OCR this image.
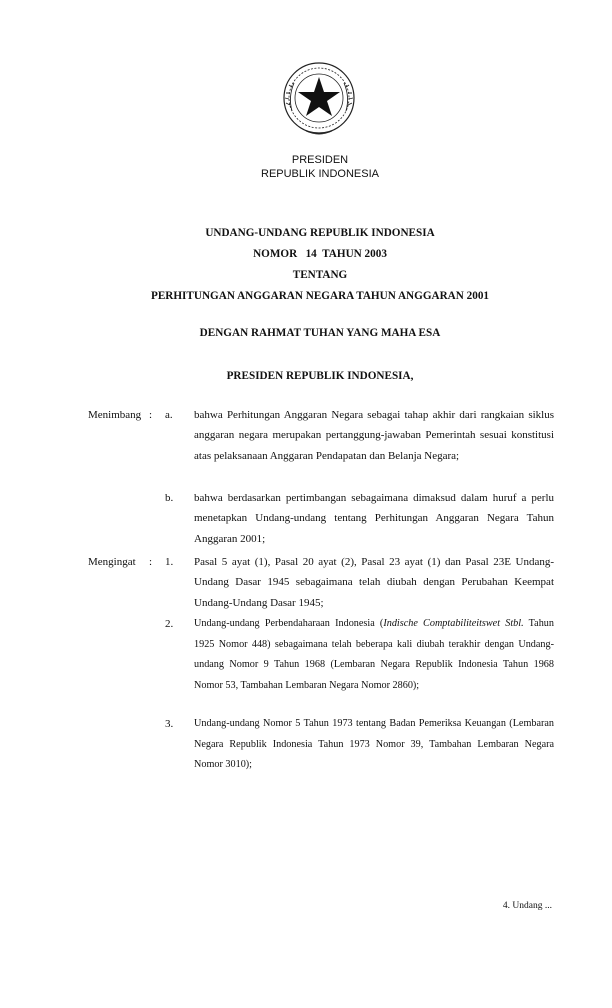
PRESIDEN
REPUBLIK INDONESIA
UNDANG-UNDANG REPUBLIK INDONESIA
NOMOR   14  TAHUN 2003
TENTANG
PERHITUNGAN ANGGARAN NEGARA TAHUN ANGGARAN 2001
DENGAN RAHMAT TUHAN YANG MAHA ESA
PRESIDEN REPUBLIK INDONESIA,
Menimbang : a. bahwa Perhitungan Anggaran Negara sebagai tahap akhir dari rangkaian siklus anggaran negara merupakan pertanggung-jawaban Pemerintah sesuai konstitusi atas pelaksanaan Anggaran Pendapatan dan Belanja Negara;
b. bahwa berdasarkan pertimbangan sebagaimana dimaksud dalam huruf a perlu menetapkan Undang-undang tentang Perhitungan Anggaran Negara Tahun Anggaran 2001;
Mengingat : 1. Pasal 5 ayat (1), Pasal 20 ayat (2), Pasal 23 ayat (1) dan Pasal 23E Undang-Undang Dasar 1945 sebagaimana telah diubah dengan Perubahan Keempat Undang-Undang Dasar 1945;
2. Undang-undang Perbendaharaan Indonesia (Indische Comptabiliteitswet Stbl. Tahun 1925 Nomor 448) sebagaimana telah beberapa kali diubah terakhir dengan Undang-undang Nomor 9 Tahun 1968 (Lembaran Negara Republik Indonesia Tahun 1968 Nomor 53, Tambahan Lembaran Negara Nomor 2860);
3. Undang-undang Nomor 5 Tahun 1973 tentang Badan Pemeriksa Keuangan (Lembaran Negara Republik Indonesia Tahun 1973 Nomor 39, Tambahan Lembaran Negara Nomor 3010);
4. Undang ...
